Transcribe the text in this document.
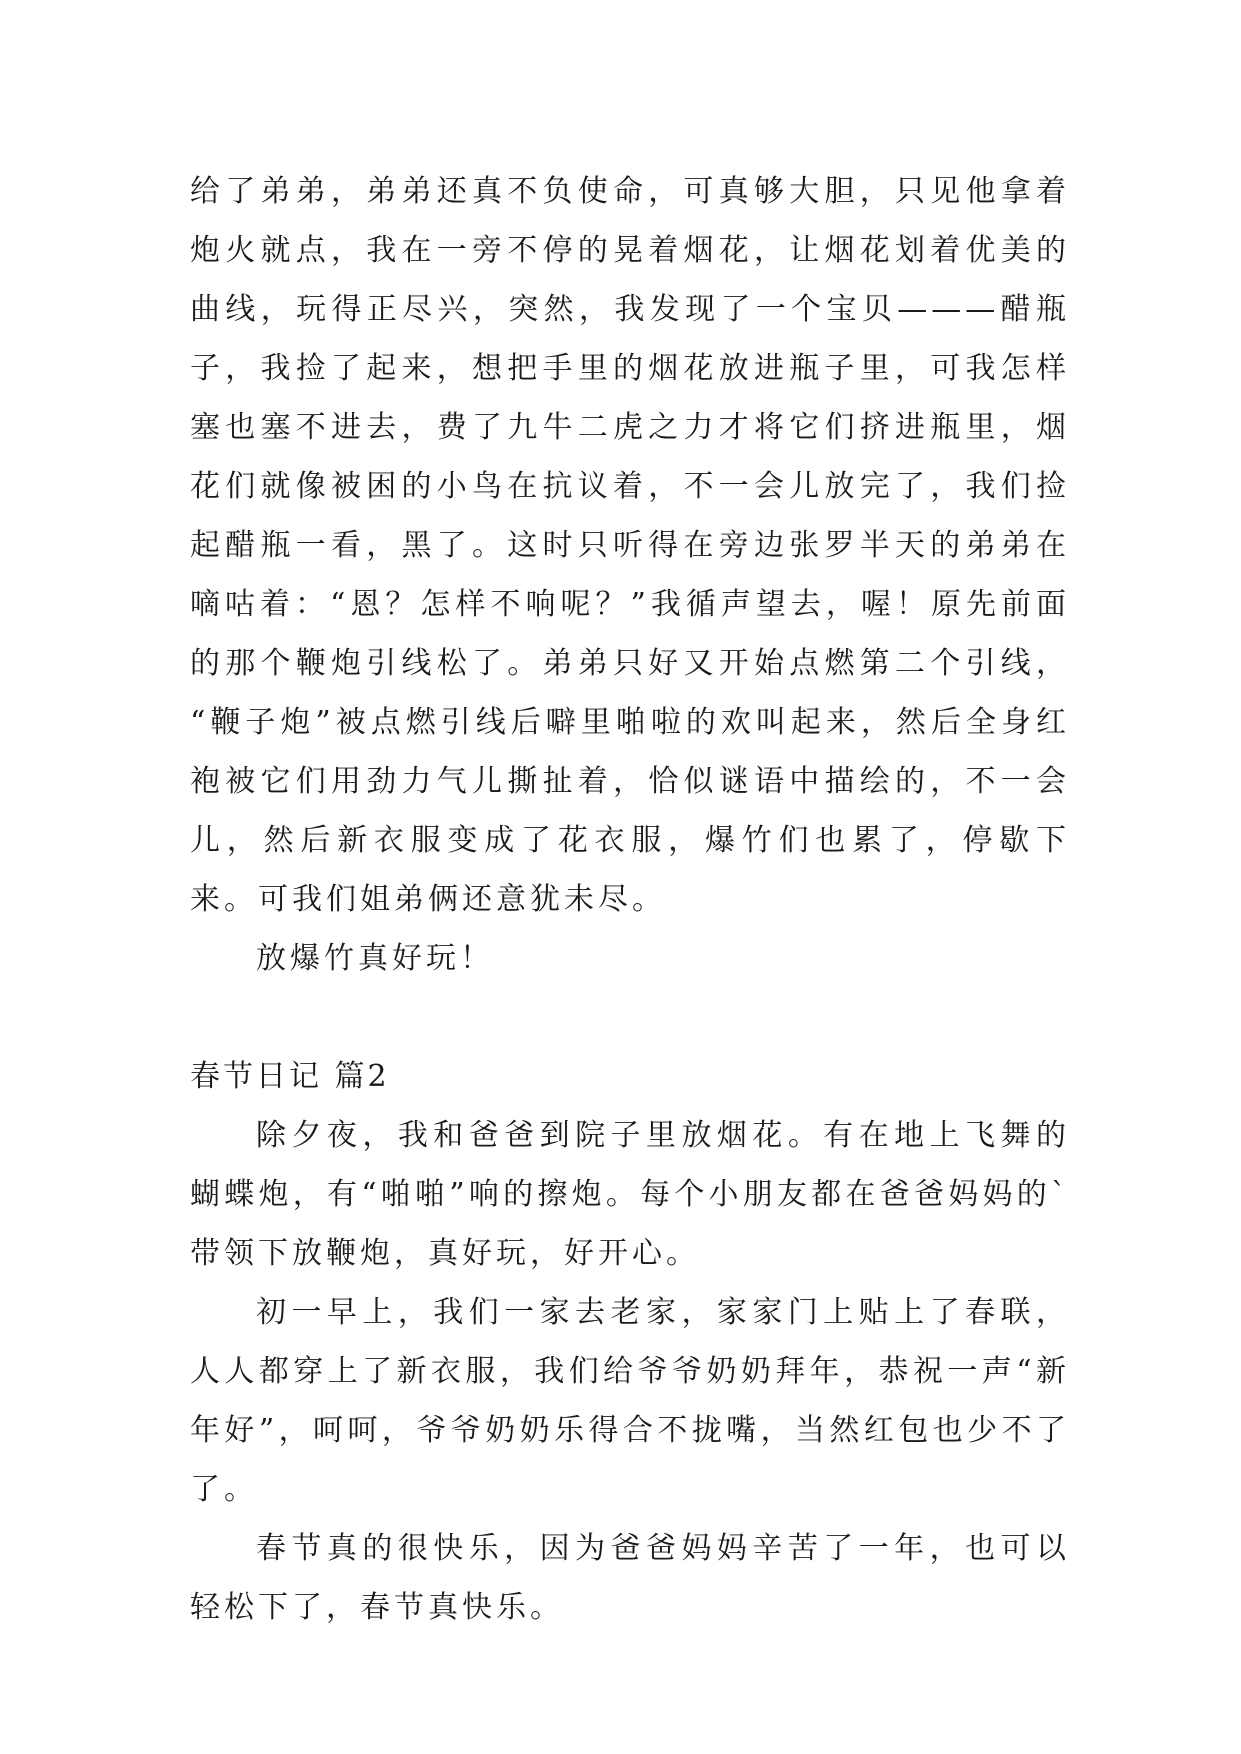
给了弟弟，弟弟还真不负使命，可真够大胆，只见他拿着炮火就点，我在一旁不停的晃着烟花，让烟花划着优美的曲线，玩得正尽兴，突然，我发现了一个宝贝———醋瓶子，我捡了起来，想把手里的烟花放进瓶子里，可我怎样塞也塞不进去，费了九牛二虎之力才将它们挤进瓶里，烟花们就像被困的小鸟在抗议着，不一会儿放完了，我们捡起醋瓶一看，黑了。这时只听得在旁边张罗半天的弟弟在嘀咕着：“恩？怎样不响呢？”我循声望去，喔！原先前面的那个鞭炮引线松了。弟弟只好又开始点燃第二个引线， “鞭子炮”被点燃引线后噼里啪啦的欢叫起来，然后全身红袍被它们用劲力气儿撕扯着，恰似谜语中描绘的，不一会儿，然后新衣服变成了花衣服，爆竹们也累了，停歇下来。可我们姐弟俩还意犹未尽。

放爆竹真好玩！

春节日记 篇2

除夕夜，我和爸爸到院子里放烟花。有在地上飞舞的蝴蝶炮，有“啪啪”响的擦炮。每个小朋友都在爸爸妈妈的`带领下放鞭炮，真好玩，好开心。

初一早上，我们一家去老家，家家门上贴上了春联，人人都穿上了新衣服，我们给爷爷奶奶拜年，恭祝一声“新年好”，呵呵，爷爷奶奶乐得合不拢嘴，当然红包也少不了了。

春节真的很快乐，因为爸爸妈妈辛苦了一年，也可以轻松下了，春节真快乐。
